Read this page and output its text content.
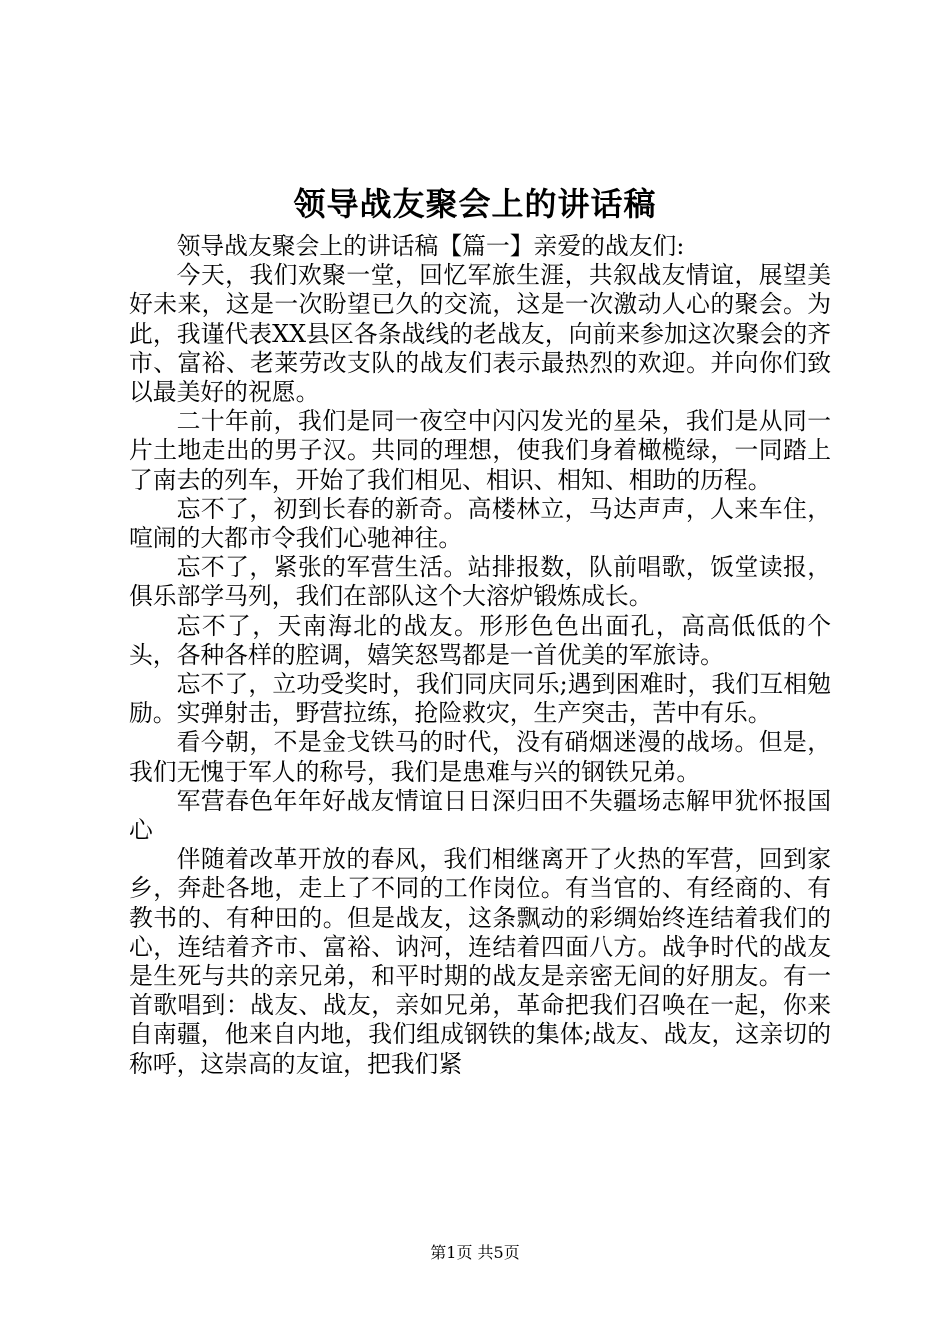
领导战友聚会上的讲话稿

领导战友聚会上的讲话稿【篇一】亲爱的战友们:

今天，我们欢聚一堂，回忆军旅生涯，共叙战友情谊，展望美好未来，这是一次盼望已久的交流，这是一次激动人心的聚会。为此，我谨代表XX县区各条战线的老战友，向前来参加这次聚会的齐市、富裕、老莱劳改支队的战友们表示最热烈的欢迎。并向你们致以最美好的祝愿。

二十年前，我们是同一夜空中闪闪发光的星朵，我们是从同一片土地走出的男子汉。共同的理想，使我们身着橄榄绿，一同踏上了南去的列车，开始了我们相见、相识、相知、相助的历程。

忘不了，初到长春的新奇。高楼林立，马达声声，人来车住，喧闹的大都市令我们心驰神往。

忘不了，紧张的军营生活。站排报数，队前唱歌，饭堂读报，俱乐部学马列，我们在部队这个大溶炉锻炼成长。

忘不了，天南海北的战友。形形色色出面孔，高高低低的个头，各种各样的腔调，嬉笑怒骂都是一首优美的军旅诗。

忘不了，立功受奖时，我们同庆同乐;遇到困难时，我们互相勉励。实弹射击，野营拉练，抢险救灾，生产突击，苦中有乐。

看今朝，不是金戈铁马的时代，没有硝烟迷漫的战场。但是，我们无愧于军人的称号，我们是患难与兴的钢铁兄弟。

军营春色年年好战友情谊日日深归田不失疆场志解甲犹怀报国心

伴随着改革开放的春风，我们相继离开了火热的军营，回到家乡，奔赴各地，走上了不同的工作岗位。有当官的、有经商的、有教书的、有种田的。但是战友，这条飘动的彩绸始终连结着我们的心，连结着齐市、富裕、讷河，连结着四面八方。战争时代的战友是生死与共的亲兄弟，和平时期的战友是亲密无间的好朋友。有一首歌唱到：战友、战友，亲如兄弟，革命把我们召唤在一起，你来自南疆，他来自内地，我们组成钢铁的集体;战友、战友，这亲切的称呼，这崇高的友谊，把我们紧

第1页 共5页
